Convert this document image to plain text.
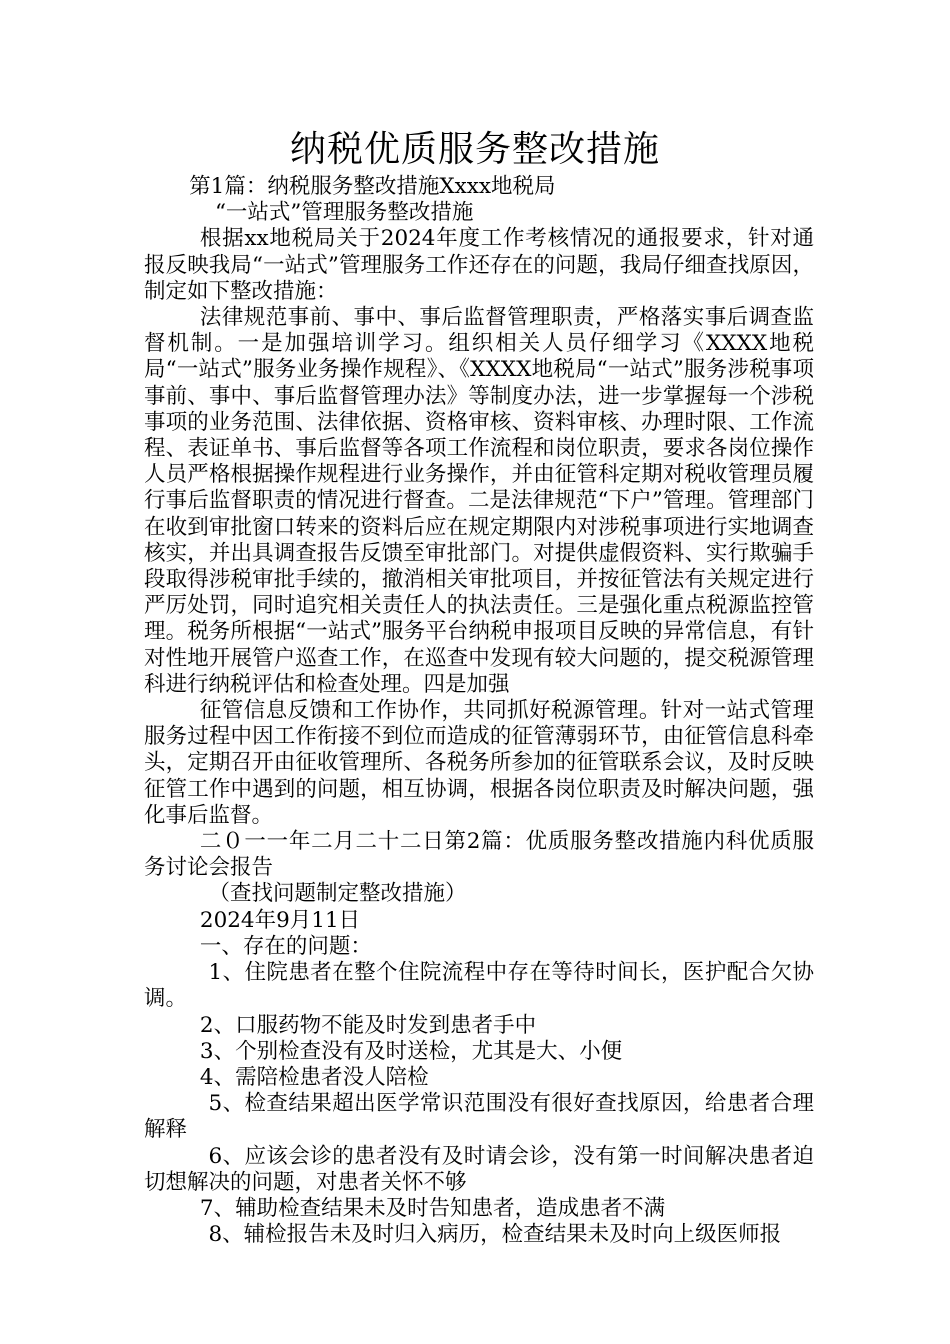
纳税优质服务整改措施

第1篇：纳税服务整改措施Xxxx地税局

“一站式”管理服务整改措施

根据xx地税局关于2024年度工作考核情况的通报要求，针对通报反映我局“一站式”管理服务工作还存在的问题，我局仔细查找原因，制定如下整改措施：

法律规范事前、事中、事后监督管理职责，严格落实事后调查监督机制。一是加强培训学习。组织相关人员仔细学习《XXXX地税局“一站式”服务业务操作规程》、《XXXX地税局“一站式”服务涉税事项事前、事中、事后监督管理办法》等制度办法，进一步掌握每一个涉税事项的业务范围、法律依据、资格审核、资料审核、办理时限、工作流程、表证单书、事后监督等各项工作流程和岗位职责，要求各岗位操作人员严格根据操作规程进行业务操作，并由征管科定期对税收管理员履行事后监督职责的情况进行督查。二是法律规范“下户”管理。管理部门在收到审批窗口转来的资料后应在规定期限内对涉税事项进行实地调查核实，并出具调查报告反馈至审批部门。对提供虚假资料、实行欺骗手段取得涉税审批手续的，撤消相关审批项目，并按征管法有关规定进行严厉处罚，同时追究相关责任人的执法责任。三是强化重点税源监控管理。税务所根据“一站式”服务平台纳税申报项目反映的异常信息，有针对性地开展管户巡查工作，在巡查中发现有较大问题的，提交税源管理科进行纳税评估和检查处理。四是加强

征管信息反馈和工作协作，共同抓好税源管理。针对一站式管理服务过程中因工作衔接不到位而造成的征管薄弱环节，由征管信息科牵头，定期召开由征收管理所、各税务所参加的征管联系会议，及时反映征管工作中遇到的问题，相互协调，根据各岗位职责及时解决问题，强化事后监督。

二０一一年二月二十二日第2篇：优质服务整改措施内科优质服务讨论会报告

（查找问题制定整改措施）

2024年9月11日

一、存在的问题：

1、住院患者在整个住院流程中存在等待时间长，医护配合欠协调。

2、口服药物不能及时发到患者手中

3、个别检查没有及时送检，尤其是大、小便

4、需陪检患者没人陪检

5、检查结果超出医学常识范围没有很好查找原因，给患者合理解释

6、应该会诊的患者没有及时请会诊，没有第一时间解决患者迫切想解决的问题，对患者关怀不够

7、辅助检查结果未及时告知患者，造成患者不满

8、辅检报告未及时归入病历，检查结果未及时向上级医师报
